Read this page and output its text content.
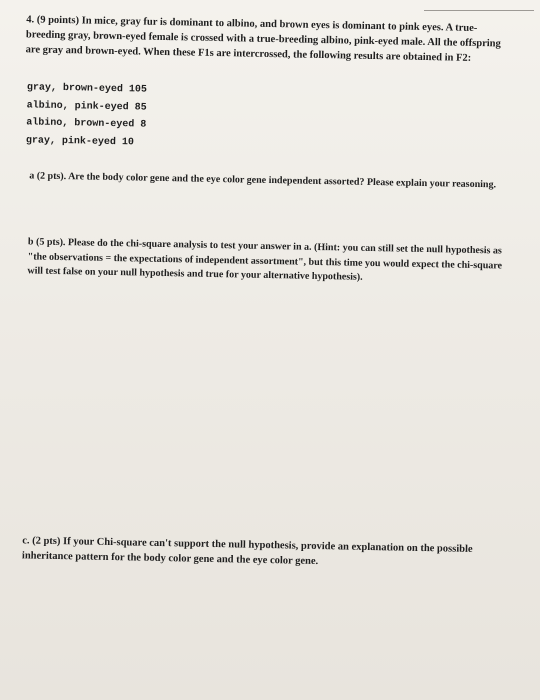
4. (9 points) In mice, gray fur is dominant to albino, and brown eyes is dominant to pink eyes. A true-breeding gray, brown-eyed female is crossed with a true-breeding albino, pink-eyed male. All the offspring are gray and brown-eyed. When these F1s are intercrossed, the following results are obtained in F2:

gray, brown-eyed 105
albino, pink-eyed 85
albino, brown-eyed 8
gray, pink-eyed 10

a (2 pts). Are the body color gene and the eye color gene independent assorted? Please explain your reasoning.

b (5 pts). Please do the chi-square analysis to test your answer in a. (Hint: you can still set the null hypothesis as "the observations = the expectations of independent assortment", but this time you would expect the chi-square will test false on your null hypothesis and true for your alternative hypothesis).

c. (2 pts) If your Chi-square can't support the null hypothesis, provide an explanation on the possible inheritance pattern for the body color gene and the eye color gene.
